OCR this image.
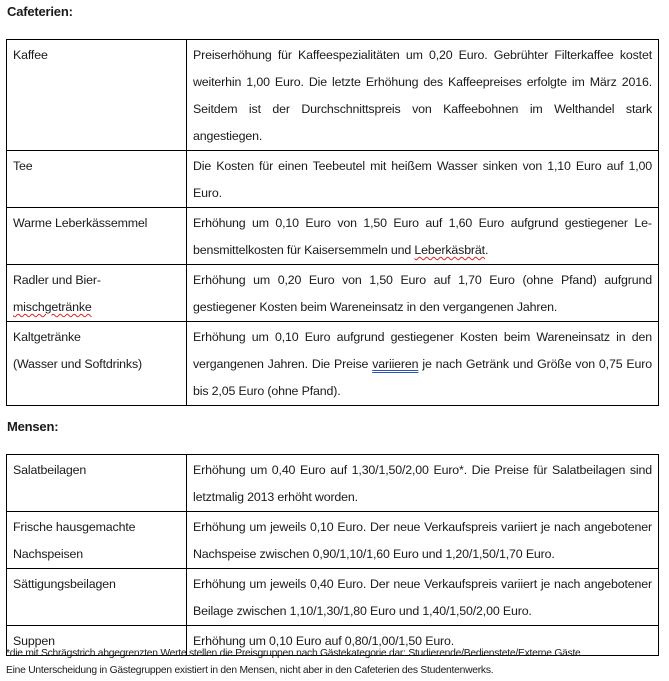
Cafeterien:
Kaffee	Preiserhöhung für Kaffeespezialitäten um 0,20 Euro. Gebrühter Filterkaffee kostet weiterhin 1,00 Euro. Die letzte Erhöhung des Kaffeepreises erfolgte im März 2016. Seitdem ist der Durchschnittspreis von Kaffeebohnen im Welthandel stark angestiegen.
Tee	Die Kosten für einen Teebeutel mit heißem Wasser sinken von 1,10 Euro auf 1,00 Euro.
Warme Leberkässemmel	Erhöhung um 0,10 Euro von 1,50 Euro auf 1,60 Euro aufgrund gestiegener Lebensmittelkosten für Kaisersemmeln und Leberkäsbrät.
Radler und Bier-
mischgetränke	Erhöhung um 0,20 Euro von 1,50 Euro auf 1,70 Euro (ohne Pfand) aufgrund gestiegener Kosten beim Wareneinsatz in den vergangenen Jahren.
Kaltgetränke
(Wasser und Softdrinks)	Erhöhung um 0,10 Euro aufgrund gestiegener Kosten beim Wareneinsatz in den vergangenen Jahren. Die Preise variieren je nach Getränk und Größe von 0,75 Euro bis 2,05 Euro (ohne Pfand).
Mensen:
Salatbeilagen	Erhöhung um 0,40 Euro auf 1,30/1,50/2,00 Euro*. Die Preise für Salatbeilagen sind letztmalig 2013 erhöht worden.
Frische hausgemachte
Nachspeisen	Erhöhung um jeweils 0,10 Euro. Der neue Verkaufspreis variiert je nach angebotener Nachspeise zwischen 0,90/1,10/1,60 Euro und 1,20/1,50/1,70 Euro.
Sättigungsbeilagen	Erhöhung um jeweils 0,40 Euro. Der neue Verkaufspreis variiert je nach angebotener Beilage zwischen 1,10/1,30/1,80 Euro und 1,40/1,50/2,00 Euro.
Suppen	Erhöhung um 0,10 Euro auf 0,80/1,00/1,50 Euro.
*die mit Schrägstrich abgegrenzten Werte stellen die Preisgruppen nach Gästekategorie dar: Studierende/Bedienstete/Externe Gäste.
Eine Unterscheidung in Gästegruppen existiert in den Mensen, nicht aber in den Cafeterien des Studentenwerks.
